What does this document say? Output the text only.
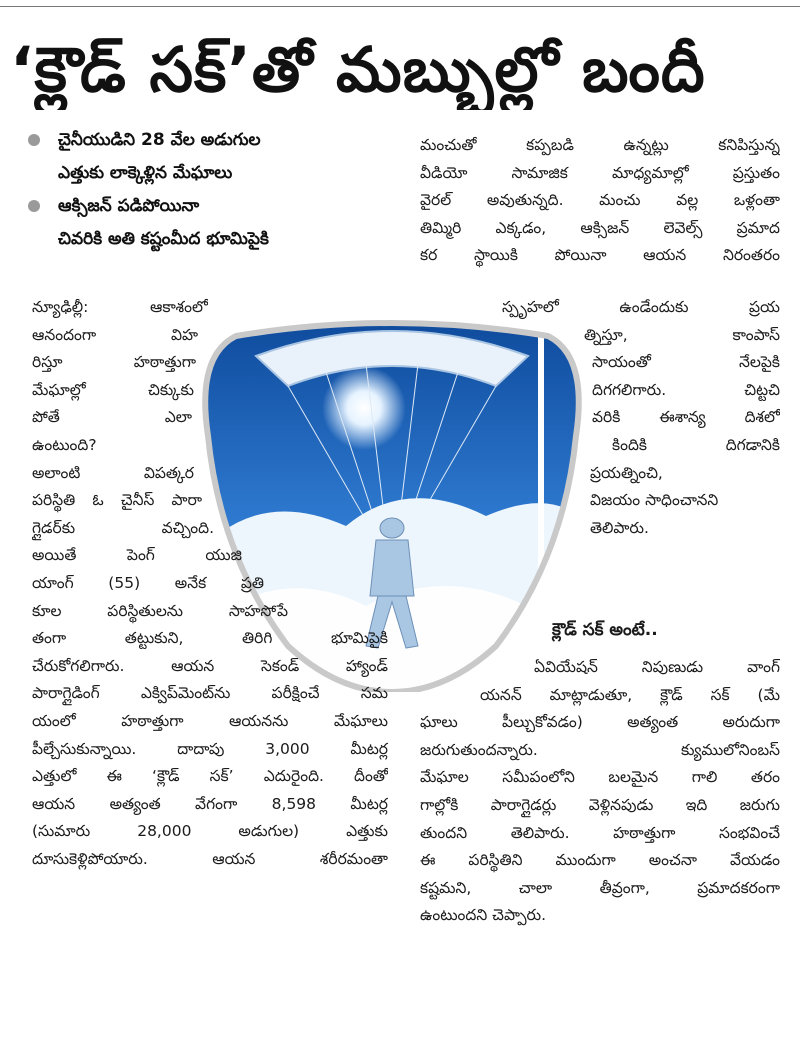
‘క్లౌడ్ సక్’తో మబ్బుల్లో బందీ
చైనీయుడిని 28 వేల అడుగుల
ఎత్తుకు లాక్కెళ్లిన మేఘాలు
ఆక్సిజన్ పడిపోయినా
చివరికి అతి కష్టంమీద భూమిపైకి
మంచుతో కప్పబడి ఉన్నట్లు కనిపిస్తున్న
వీడియో సామాజిక మాధ్యమాల్లో ప్రస్తుతం
వైరల్ అవుతున్నది. మంచు వల్ల ఒళ్లంతా
తిమ్మిరి ఎక్కడం, ఆక్సిజన్ లెవెల్స్ ప్రమాద
కర స్థాయికి పోయినా ఆయన నిరంతరం
న్యూఢిల్లీ: ఆకాశంలో
ఆనందంగా విహ
రిస్తూ హఠాత్తుగా
మేఘాల్లో చిక్కుకు
పోతే ఎలా
ఉంటుంది?
అలాంటి విపత్కర
పరిస్థితి ఓ చైనీస్ పారా
గ్లైడర్‌కు వచ్చింది.
అయితే పెంగ్ యుజి
యాంగ్ (55) అనేక ప్రతి
కూల పరిస్థితులను సాహసోపే
తంగా తట్టుకుని, తిరిగి భూమిపైకి
చేరుకోగలిగారు. ఆయన సెకండ్ హ్యాండ్
పారాగ్లైడింగ్ ఎక్విప్‌మెంట్‌ను పరీక్షించే సమ
యంలో హఠాత్తుగా ఆయనను మేఘాలు
పీల్చేసుకున్నాయి. దాదాపు 3,000 మీటర్ల
ఎత్తులో ఈ ‘క్లౌడ్ సక్’ ఎదురైంది. దీంతో
ఆయన అత్యంత వేగంగా 8,598 మీటర్ల
(సుమారు 28,000 అడుగుల) ఎత్తుకు
దూసుకెళ్లిపోయారు. ఆయన శరీరమంతా
స్పృహలో ఉండేందుకు ప్రయ
త్నిస్తూ, కాంపాస్
సాయంతో నేలపైకి
దిగగలిగారు. చిట్టచి
వరికి ఈశాన్య దిశలో
కిందికి దిగడానికి
ప్రయత్నించి,
విజయం సాధించానని
తెలిపారు.
క్లౌడ్ సక్ అంటే..
ఏవియేషన్ నిపుణుడు వాంగ్
యనన్ మాట్లాడుతూ, క్లౌడ్ సక్ (మే
ఘాలు పీల్చుకోవడం) అత్యంత అరుదుగా
జరుగుతుందన్నారు. క్యుములోనింబస్
మేఘాల సమీపంలోని బలమైన గాలి తరం
గాల్లోకి పారాగ్లైడర్లు వెళ్లినపుడు ఇది జరుగు
తుందని తెలిపారు. హఠాత్తుగా సంభవించే
ఈ పరిస్థితిని ముందుగా అంచనా వేయడం
కష్టమని, చాలా తీవ్రంగా, ప్రమాదకరంగా
ఉంటుందని చెప్పారు.
